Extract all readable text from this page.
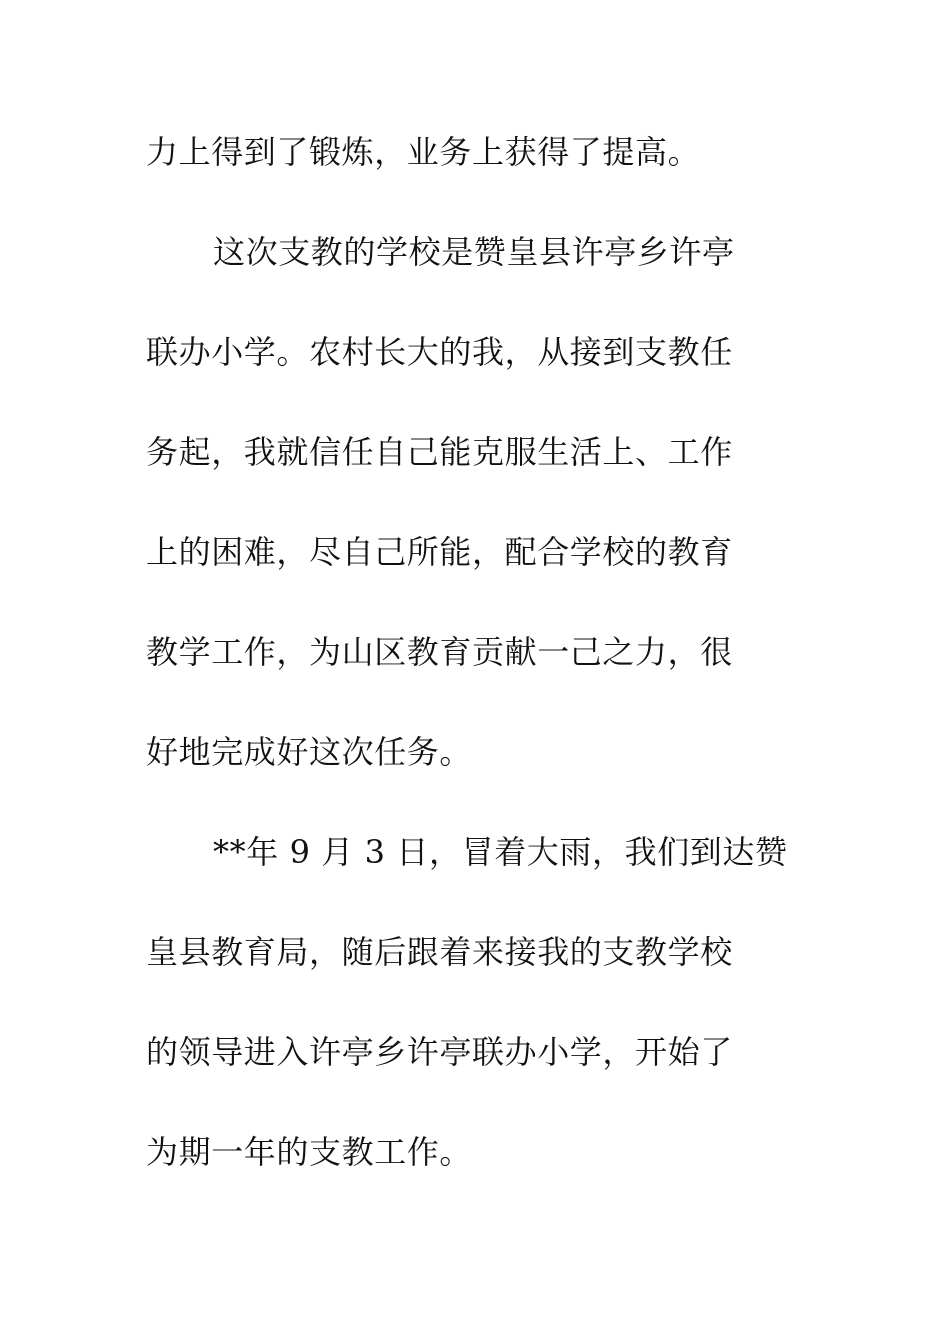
力上得到了锻炼，业务上获得了提高。
这次支教的学校是赞皇县许亭乡许亭
联办小学。农村长大的我，从接到支教任
务起，我就信任自己能克服生活上、工作
上的困难，尽自己所能，配合学校的教育
教学工作，为山区教育贡献一己之力，很
好地完成好这次任务。
**年 9 月 3 日，冒着大雨，我们到达赞
皇县教育局，随后跟着来接我的支教学校
的领导进入许亭乡许亭联办小学，开始了
为期一年的支教工作。
